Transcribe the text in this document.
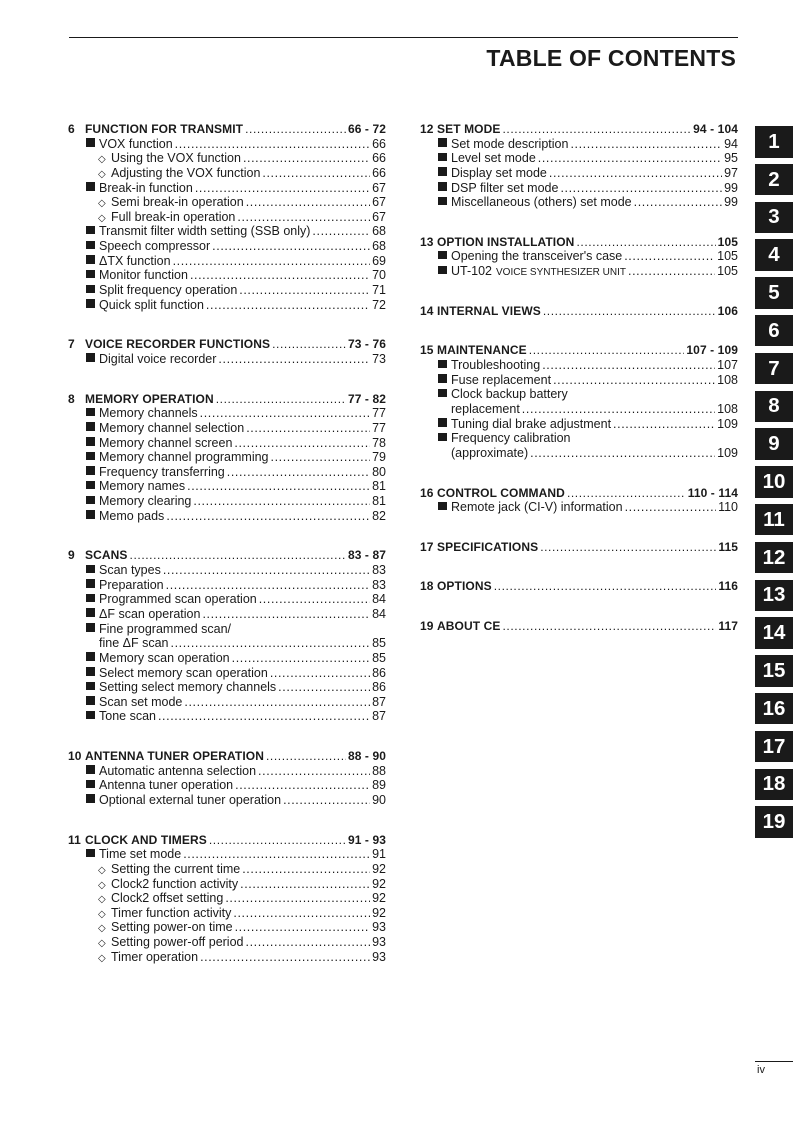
TABLE OF CONTENTS
6 FUNCTION FOR TRANSMIT .....	66 - 72
VOX function .....	66
◇ Using the VOX function .....	66
◇ Adjusting the VOX function .....	66
Break-in function .....	67
◇ Semi break-in operation .....	67
◇ Full break-in operation .....	67
Transmit filter width setting (SSB only) .....	68
Speech compressor .....	68
ΔTX function .....	69
Monitor function .....	70
Split frequency operation .....	71
Quick split function .....	72
7 VOICE RECORDER FUNCTIONS .....	73 - 76
Digital voice recorder .....	73
8 MEMORY OPERATION .....	77 - 82
Memory channels .....	77
Memory channel selection .....	77
Memory channel screen .....	78
Memory channel programming .....	79
Frequency transferring .....	80
Memory names .....	81
Memory clearing .....	81
Memo pads .....	82
9 SCANS .....	83 - 87
Scan types .....	83
Preparation .....	83
Programmed scan operation .....	84
ΔF scan operation .....	84
Fine programmed scan/
fine ΔF scan .....	85
Memory scan operation .....	85
Select memory scan operation .....	86
Setting select memory channels .....	86
Scan set mode .....	87
Tone scan .....	87
10 ANTENNA TUNER OPERATION .....	88 - 90
Automatic antenna selection .....	88
Antenna tuner operation .....	89
Optional external tuner operation .....	90
11 CLOCK AND TIMERS .....	91 - 93
Time set mode .....	91
◇ Setting the current time .....	92
◇ Clock2 function activity .....	92
◇ Clock2 offset setting .....	92
◇ Timer function activity .....	92
◇ Setting power-on time .....	93
◇ Setting power-off period .....	93
◇ Timer operation .....	93
12 SET MODE .....	94 - 104
Set mode description .....	94
Level set mode .....	95
Display set mode .....	97
DSP filter set mode .....	99
Miscellaneous (others) set mode .....	99
13 OPTION INSTALLATION .....	105
Opening the transceiver's case .....	105
UT-102 VOICE SYNTHESIZER UNIT .....	105
14 INTERNAL VIEWS .....	106
15 MAINTENANCE .....	107 - 109
Troubleshooting .....	107
Fuse replacement .....	108
Clock backup battery
replacement .....	108
Tuning dial brake adjustment .....	109
Frequency calibration
(approximate) .....	109
16 CONTROL COMMAND .....	110 - 114
Remote jack (CI-V) information .....	110
17 SPECIFICATIONS .....	115
18 OPTIONS .....	116
19 ABOUT CE .....	117
1
2
3
4
5
6
7
8
9
10
11
12
13
14
15
16
17
18
19
iv
